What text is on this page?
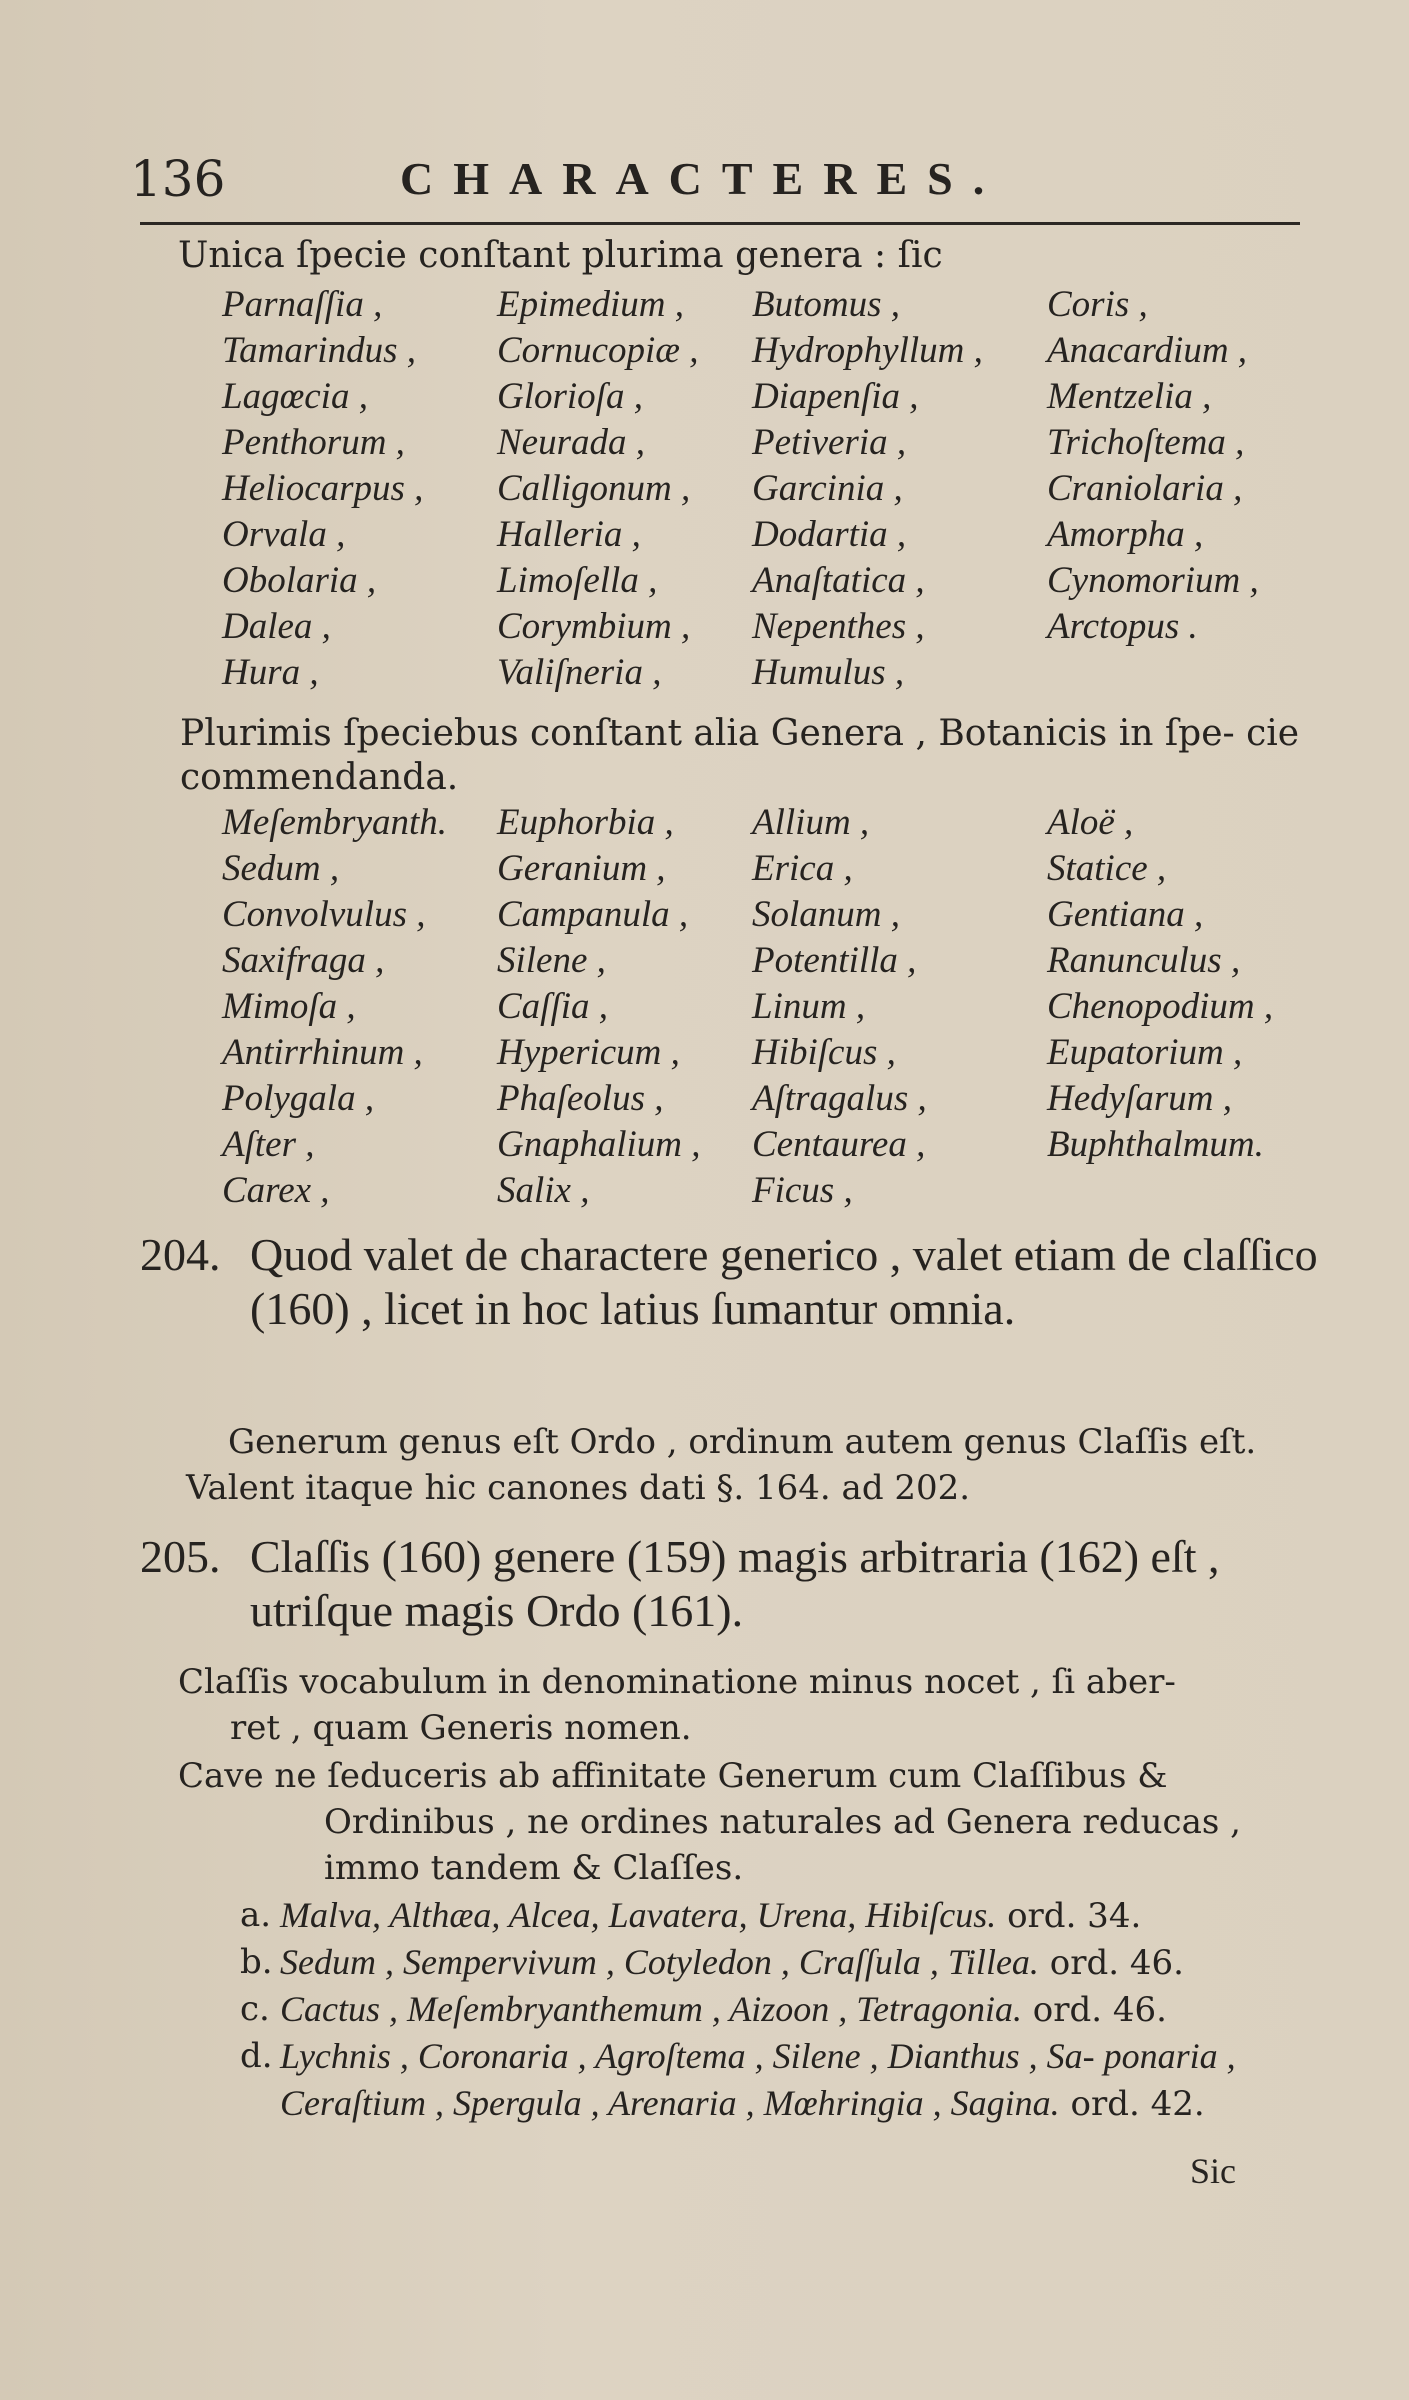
136	CHARACTERES.
Unica ſpecie conſtant plurima genera : ſic
Parnaſſia ,	Epimedium ,	Butomus ,	Coris ,
Tamarindus ,	Cornucopiæ ,	Hydrophyllum ,	Anacardium ,
Lagœcia ,	Glorioſa ,	Diapenſia ,	Mentzelia ,
Penthorum ,	Neurada ,	Petiveria ,	Trichoſtema ,
Heliocarpus ,	Calligonum ,	Garcinia ,	Craniolaria ,
Orvala ,	Halleria ,	Dodartia ,	Amorpha ,
Obolaria ,	Limoſella ,	Anaſtatica ,	Cynomorium ,
Dalea ,	Corymbium ,	Nepenthes ,	Arctopus .
Hura ,	Valiſneria ,	Humulus ,
Plurimis ſpeciebus conſtant alia Genera , Botanicis in ſpe- cie commendanda.
Meſembryanth.	Euphorbia ,	Allium ,	Aloë ,
Sedum ,	Geranium ,	Erica ,	Statice ,
Convolvulus ,	Campanula ,	Solanum ,	Gentiana ,
Saxifraga ,	Silene ,	Potentilla ,	Ranunculus ,
Mimoſa ,	Caſſia ,	Linum ,	Chenopodium ,
Antirrhinum ,	Hypericum ,	Hibiſcus ,	Eupatorium ,
Polygala ,	Phaſeolus ,	Aſtragalus ,	Hedyſarum ,
Aſter ,	Gnaphalium ,	Centaurea ,	Buphthalmum.
Carex ,	Salix ,	Ficus ,
204. Quod valet de charactere generico , valet etiam de claſſico (160) , licet in hoc latius ſumantur omnia.
Generum genus eſt Ordo , ordinum autem genus Claſſis eſt.
Valent itaque hic canones dati §. 164. ad 202.
205. Claſſis (160) genere (159) magis arbitraria (162) eſt , utriſque magis Ordo (161).
Claſſis vocabulum in denominatione minus nocet , ſi aber-
ret , quam Generis nomen.
Cave ne ſeduceris ab affinitate Generum cum Claſſibus &
Ordinibus , ne ordines naturales ad Genera reducas ,
immo tandem & Claſſes.
a. Malva, Althæa, Alcea, Lavatera, Urena, Hibiſcus. ord. 34.
b. Sedum , Sempervivum , Cotyledon , Craſſula , Tillea. ord. 46.
c. Cactus , Meſembryanthemum , Aizoon , Tetragonia. ord. 46.
d. Lychnis , Coronaria , Agroſtema , Silene , Dianthus , Sa- ponaria , Ceraſtium , Spergula , Arenaria , Mœhringia , Sagina. ord. 42.
Sic
